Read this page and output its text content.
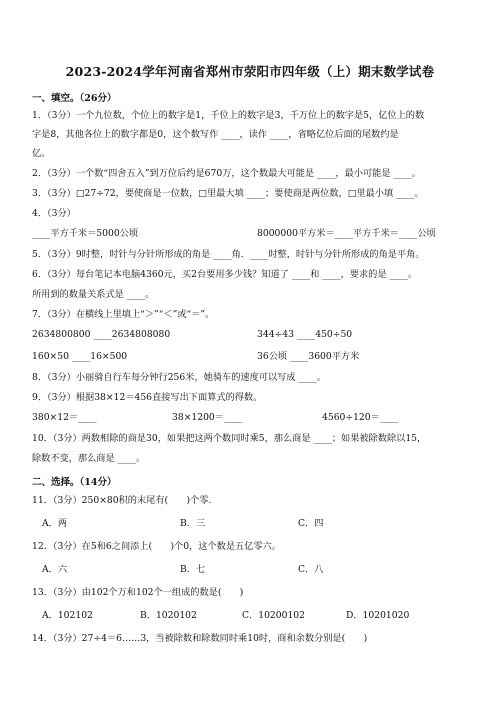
2023-2024学年河南省郑州市荥阳市四年级（上）期末数学试卷
一、填空。（26分）
1．（3分）一个九位数，个位上的数字是1，千位上的数字是3，千万位上的数字是5，亿位上的数
字是8，其他各位上的数字都是0，这个数写作 ____，读作 ____，省略亿位后面的尾数约是
亿。
2．（3分）一个数“四舍五入”到万位后约是670万，这个数最大可能是 ____，最小可能是 ____。
3．（3分）□27÷72，要使商是一位数，□里最大填 ____；要使商是两位数，□里最小填 ____。
4．（3分）
____平方千米＝5000公顷	8000000平方米＝____平方千米＝____公顷
5．（3分）9时整，时针与分针所形成的角是 ____角．____时整，时针与分针所形成的角是平角。
6．（3分）每台笔记本电脑4360元，买2台要用多少钱？知道了 ____和 ____，要求的是 ____。
所用到的数量关系式是 ____。
7．（3分）在横线上里填上“＞”“＜”或“＝”。
2634800800 ____2634808080	344÷43 ____450÷50
160×50 ____16×500	36公顷 ____3600平方米
8．（3分）小丽骑自行车每分钟行256米，她骑车的速度可以写成 ____。
9．（3分）根据38×12＝456直接写出下面算式的得数。
380×12＝____	38×1200＝____	4560÷120＝____
10．（3分）两数相除的商是30，如果把这两个数同时乘5，那么商是 ____；如果被除数除以15，
除数不变，那么商是 ____。
二、选择。（14分）
11．（3分）250×80积的末尾有(　　)个零.
A．两	B．三	C．四
12．（3分）在5和6之间添上(　　)个0，这个数是五亿零六。
A．六	B．七	C．八
13．（3分）由102个万和102个一组成的数是(　　)
A．102102	B．1020102	C．10200102	D．10201020
14．（3分）27÷4＝6……3，当被除数和除数同时乘10时，商和余数分别是(　　)
